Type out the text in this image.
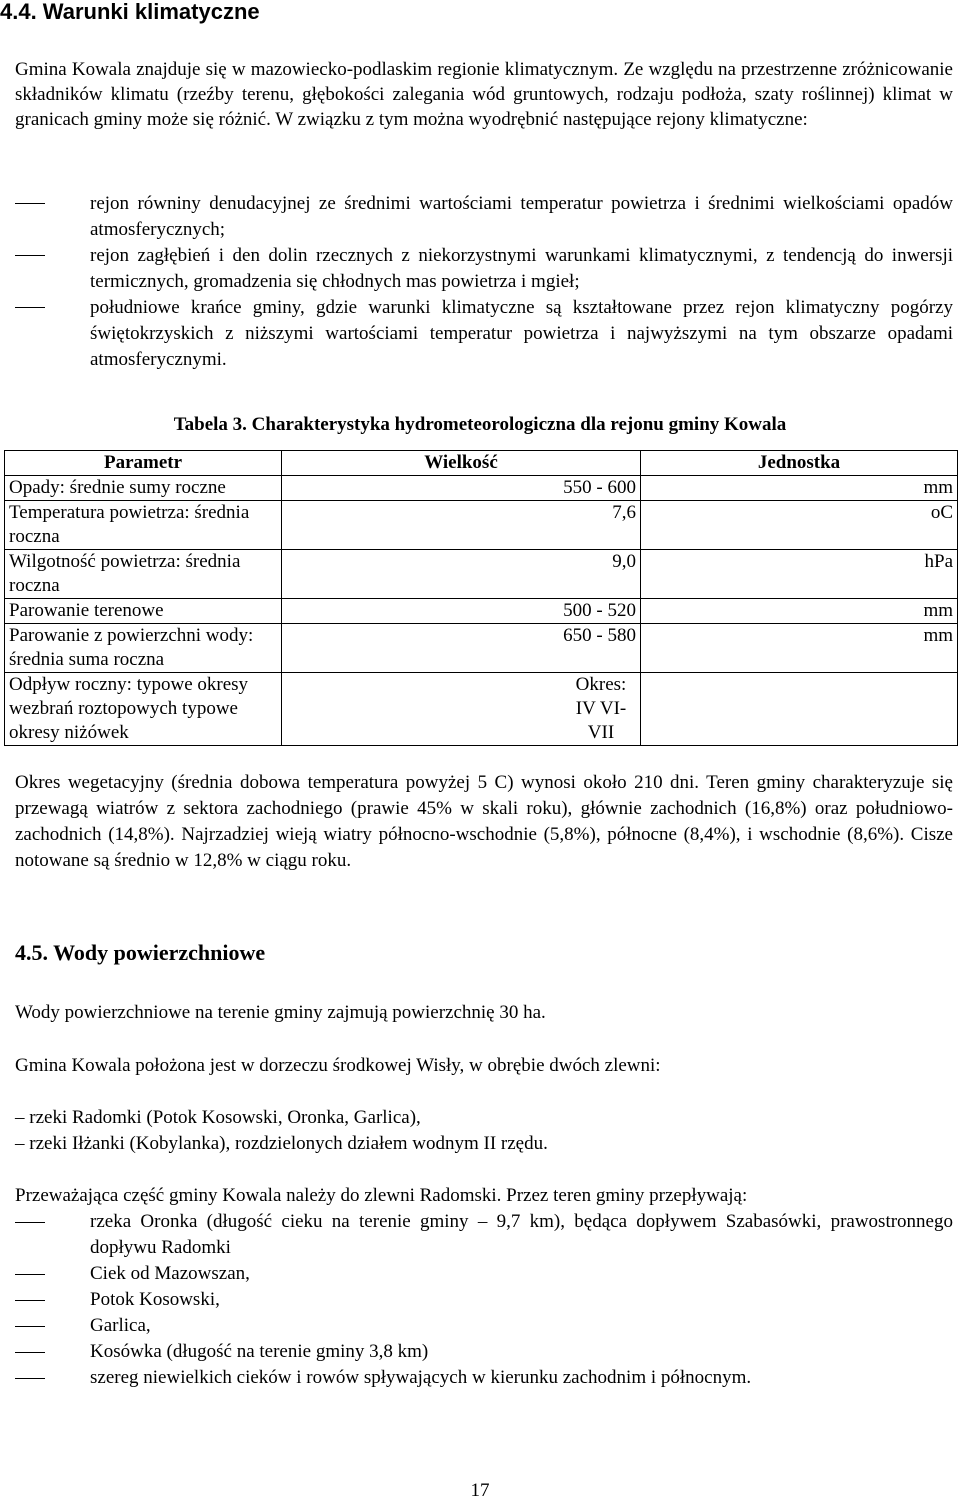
4.4. Warunki klimatyczne

Gmina Kowala znajduje się w mazowiecko-podlaskim regionie klimatycznym. Ze względu na przestrzenne zróżnicowanie składników klimatu (rzeźby terenu, głębokości zalegania wód gruntowych, rodzaju podłoża, szaty roślinnej) klimat w granicach gminy może się różnić. W związku z tym można wyodrębnić następujące rejony klimatyczne:

rejon równiny denudacyjnej ze średnimi wartościami temperatur powietrza i średnimi wielkościami opadów atmosferycznych;
rejon zagłębień i den dolin rzecznych z niekorzystnymi warunkami klimatycznymi, z tendencją do inwersji termicznych, gromadzenia się chłodnych mas powietrza i mgieł;
południowe krańce gminy, gdzie warunki klimatyczne są kształtowane przez rejon klimatyczny pogórzy świętokrzyskich z niższymi wartościami temperatur powietrza i najwyższymi na tym obszarze opadami atmosferycznymi.
Tabela 3. Charakterystyka hydrometeorologiczna dla rejonu gminy Kowala
Parametr	Wielkość	Jednostka
Opady: średnie sumy roczne	550 - 600	mm
Temperatura powietrza: średnia roczna	7,6	oC
Wilgotność powietrza: średnia roczna	9,0	hPa
Parowanie terenowe	500 - 520	mm
Parowanie z powierzchni wody: średnia suma roczna	650 - 580	mm
Odpływ roczny: typowe okresy wezbrań roztopowych typowe okresy niżówek	Okres: IV VI-VII	

Okres wegetacyjny (średnia dobowa temperatura powyżej 5 C) wynosi około 210 dni. Teren gminy charakteryzuje się przewagą wiatrów z sektora zachodniego (prawie 45% w skali roku), głównie zachodnich (16,8%) oraz południowo-zachodnich (14,8%). Najrzadziej wieją wiatry północno-wschodnie (5,8%), północne (8,4%), i wschodnie (8,6%). Cisze notowane są średnio w 12,8% w ciągu roku.

4.5. Wody powierzchniowe

Wody powierzchniowe na terenie gminy zajmują powierzchnię 30 ha.

Gmina Kowala położona jest w dorzeczu środkowej Wisły, w obrębie dwóch zlewni:

– rzeki Radomki (Potok Kosowski, Oronka, Garlica),
– rzeki Iłżanki (Kobylanka), rozdzielonych działem wodnym II rzędu.

Przeważająca część gminy Kowala należy do zlewni Radomski. Przez teren gminy przepływają:

rzeka Oronka (długość cieku na terenie gminy – 9,7 km), będąca dopływem Szabasówki, prawostronnego dopływu Radomki
Ciek od Mazowszan,
Potok Kosowski,
Garlica,
Kosówka (długość na terenie gminy 3,8 km)
szereg niewielkich cieków i rowów spływających w kierunku zachodnim i północnym.
17
